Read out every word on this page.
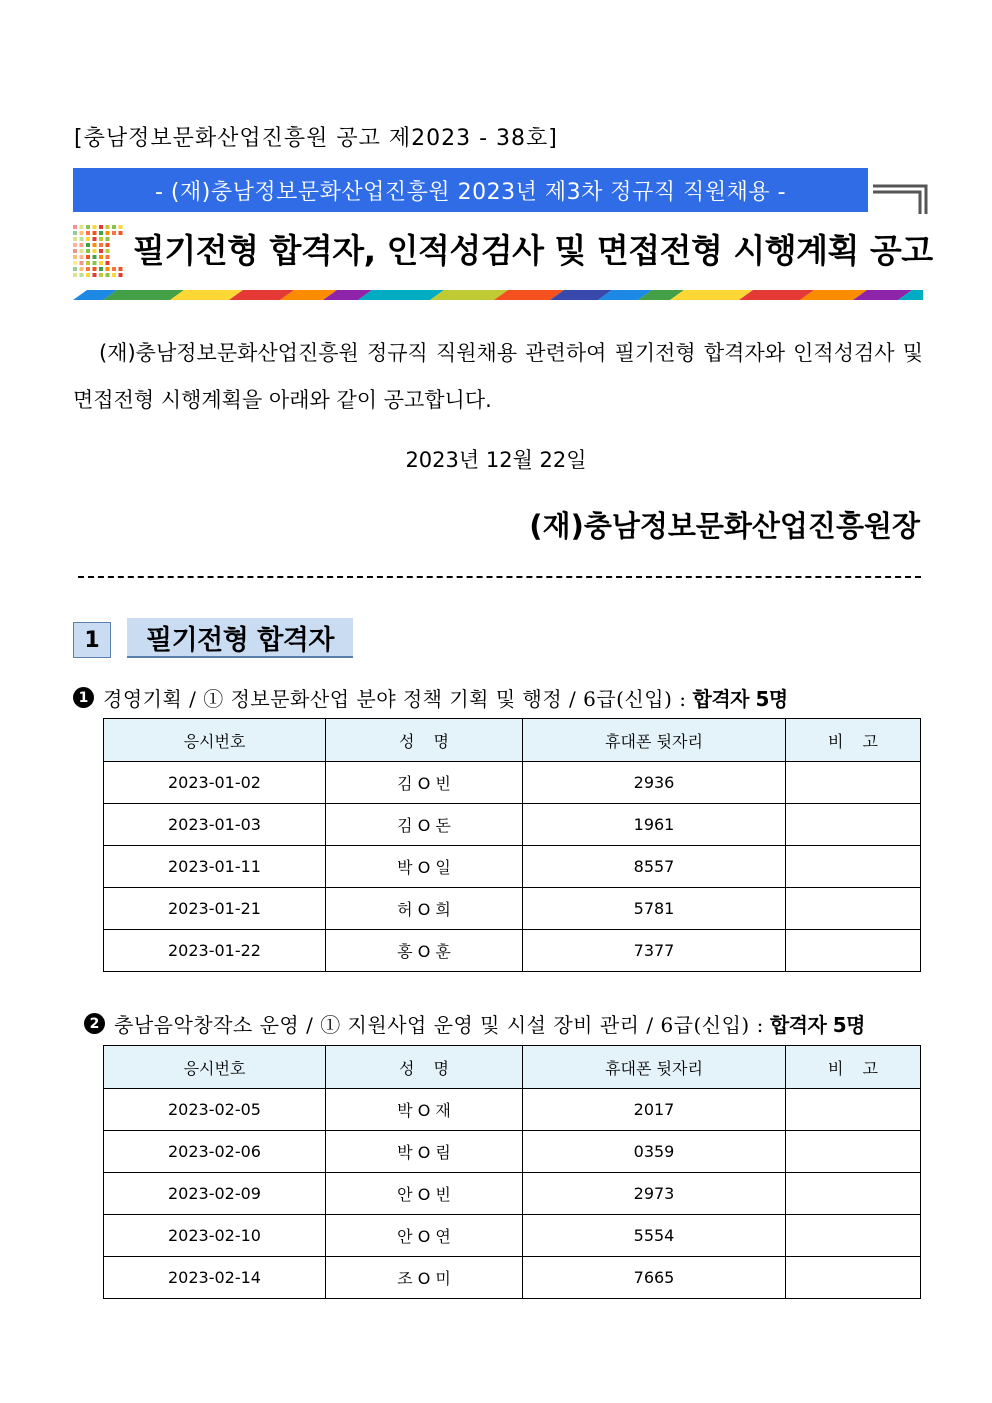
[충남정보문화산업진흥원 공고 제2023 - 38호]
- (재)충남정보문화산업진흥원 2023년 제3차 정규직 직원채용 -
필기전형 합격자, 인적성검사 및 면접전형 시행계획 공고
(재)충남정보문화산업진흥원 정규직 직원채용 관련하여 필기전형 합격자와 인적성검사 및 면접전형 시행계획을 아래와 같이 공고합니다.
2023년 12월 22일
(재)충남정보문화산업진흥원장
1	필기전형 합격자
1 경영기획 / ① 정보문화산업 분야 정책 기획 및 행정 / 6급(신입) : 합격자 5명
응시번호	성 명	휴대폰 뒷자리	비 고
2023-01-02	김 O 빈	2936	
2023-01-03	김 O 돈	1961	
2023-01-11	박 O 일	8557	
2023-01-21	허 O 희	5781	
2023-01-22	홍 O 훈	7377	
2 충남음악창작소 운영 / ① 지원사업 운영 및 시설 장비 관리 / 6급(신입) : 합격자 5명
응시번호	성 명	휴대폰 뒷자리	비 고
2023-02-05	박 O 재	2017	
2023-02-06	박 O 림	0359	
2023-02-09	안 O 빈	2973	
2023-02-10	안 O 연	5554	
2023-02-14	조 O 미	7665	
